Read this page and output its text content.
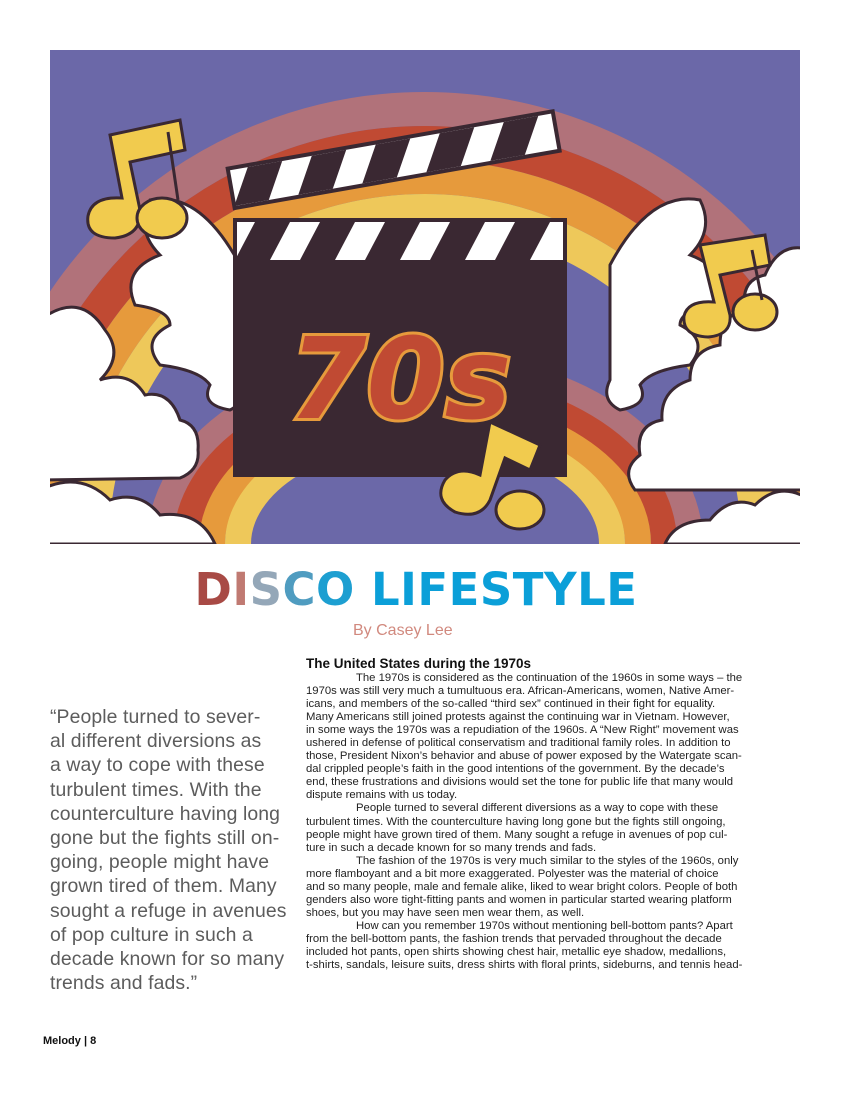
70s
DISCO LIFESTYLE
By Casey Lee
“People turned to sever-
al different diversions as
a way to cope with these
turbulent times. With the
counterculture having long
gone but the fights still on-
going, people might have
grown tired of them. Many
sought a refuge in avenues
of pop culture in such a
decade known for so many
trends and fads.”
The United States during the 1970s
The 1970s is considered as the continuation of the 1960s in some ways – the
1970s was still very much a tumultuous era. African-Americans, women, Native Amer-
icans, and members of the so-called “third sex” continued in their fight for equality.
Many Americans still joined protests against the continuing war in Vietnam. However,
in some ways the 1970s was a repudiation of the 1960s. A “New Right” movement was
ushered in defense of political conservatism and traditional family roles. In addition to
those, President Nixon’s behavior and abuse of power exposed by the Watergate scan-
dal crippled people’s faith in the good intentions of the government. By the decade’s
end, these frustrations and divisions would set the tone for public life that many would
dispute remains with us today.
People turned to several different diversions as a way to cope with these
turbulent times. With the counterculture having long gone but the fights still ongoing,
people might have grown tired of them. Many sought a refuge in avenues of pop cul-
ture in such a decade known for so many trends and fads.
The fashion of the 1970s is very much similar to the styles of the 1960s, only
more flamboyant and a bit more exaggerated. Polyester was the material of choice
and so many people, male and female alike, liked to wear bright colors. People of both
genders also wore tight-fitting pants and women in particular started wearing platform
shoes, but you may have seen men wear them, as well.
How can you remember 1970s without mentioning bell-bottom pants? Apart
from the bell-bottom pants, the fashion trends that pervaded throughout the decade
included hot pants, open shirts showing chest hair, metallic eye shadow, medallions,
t-shirts, sandals, leisure suits, dress shirts with floral prints, sideburns, and tennis head-
Melody | 8
